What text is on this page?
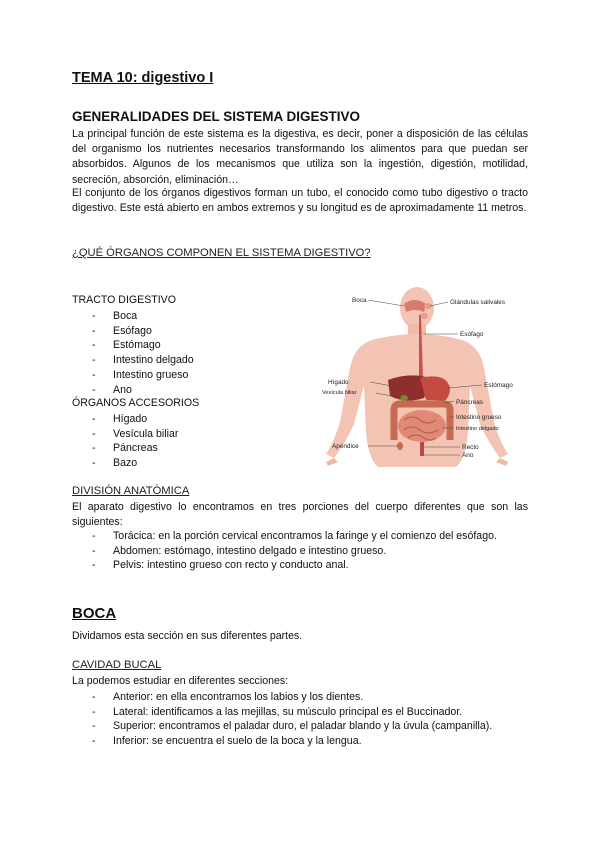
TEMA 10: digestivo I
GENERALIDADES DEL SISTEMA DIGESTIVO
La principal función de este sistema es la digestiva, es decir, poner a disposición de las células del organismo los nutrientes necesarios transformando los alimentos para que puedan ser absorbidos. Algunos de los mecanismos que utiliza son la ingestión, digestión, motilidad, secreción, absorción, eliminación…
El conjunto de los órganos digestivos forman un tubo, el conocido como tubo digestivo o tracto digestivo. Este está abierto en ambos extremos y su longitud es de aproximadamente 11 metros.
¿QUÉ ÓRGANOS COMPONEN EL SISTEMA DIGESTIVO?
TRACTO DIGESTIVO
- Boca
- Esófago
- Estómago
- Intestino delgado
- Intestino grueso
- Ano
ÓRGANOS ACCESORIOS
- Hígado
- Vesícula biliar
- Páncreas
- Bazo
DIVISIÓN ANATÓMICA
El aparato digestivo lo encontramos en tres porciones del cuerpo diferentes que son las siguientes:
- Torácica: en la porción cervical encontramos la faringe y el comienzo del esófago.
- Abdomen: estómago, intestino delgado e intestino grueso.
- Pelvis: intestino grueso con recto y conducto anal.
BOCA
Dividamos esta sección en sus diferentes partes.
CAVIDAD BUCAL
La podemos estudiar en diferentes secciones:
- Anterior: en ella encontramos los labios y los dientes.
- Lateral: identificamos a las mejillas, su músculo principal es el Buccinador.
- Superior: encontramos el paladar duro, el paladar blando y la úvula (campanilla).
- Inferior: se encuentra el suelo de la boca y la lengua.
Boca	Glándulas salivales
Esófago
Hígado
Vesícula biliar
Estómago
Páncreas
Intestino grueso
Intestino delgado
Apéndice	Recto
Ano
